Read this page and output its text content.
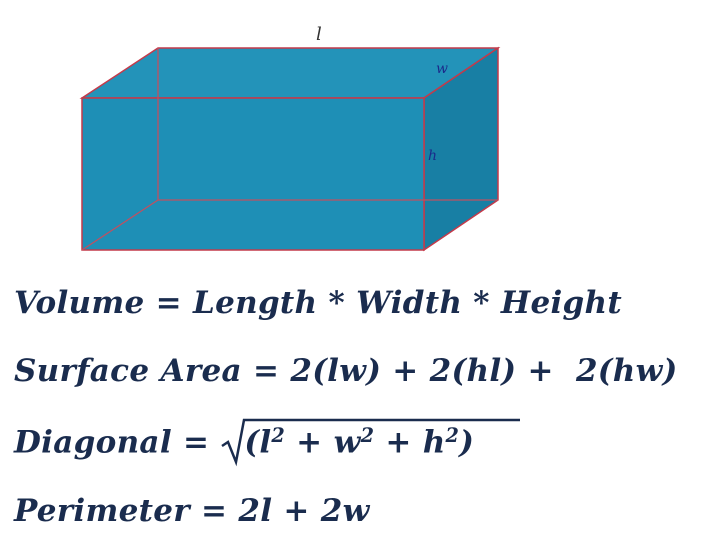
l
w
h
Volume = Length * Width * Height
Surface Area = 2(lw) + 2(hl) +  2(hw)
Diagonal = $(l^2 + w^2 + h^2)$
Perimeter = 2l + 2w
